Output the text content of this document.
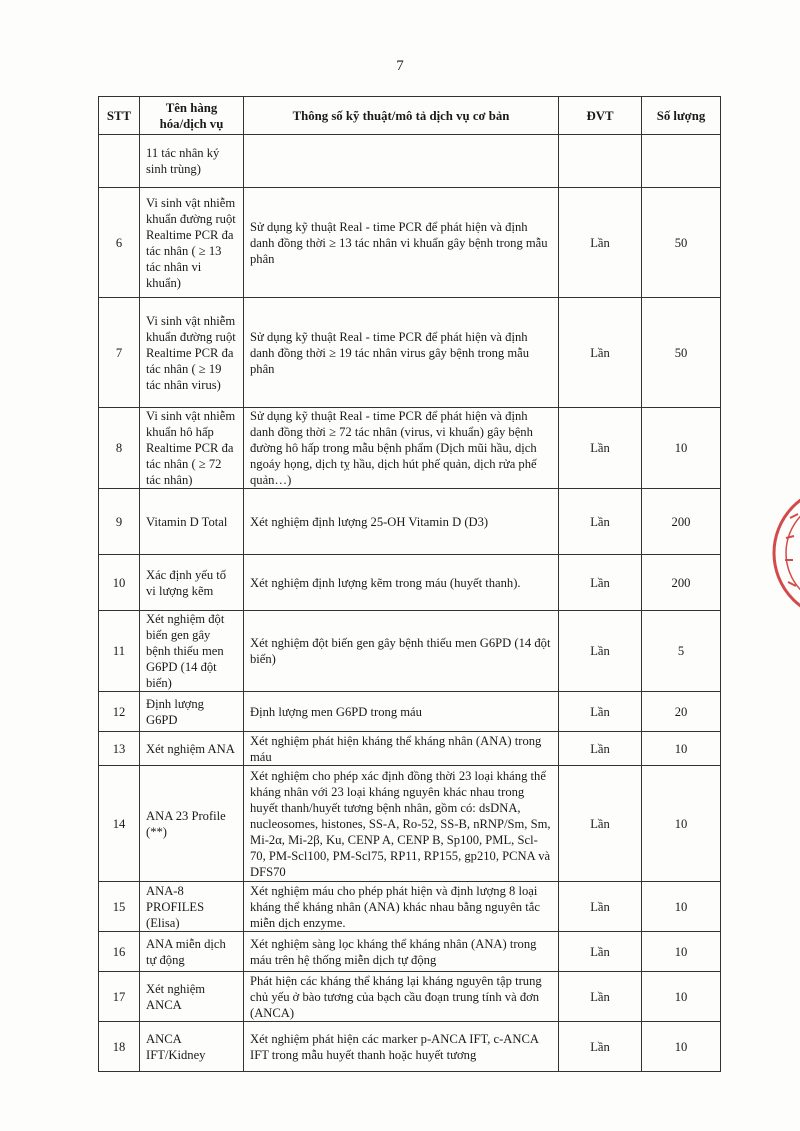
7
STT	Tên hàng hóa/dịch vụ	Thông số kỹ thuật/mô tả dịch vụ cơ bản	ĐVT	Số lượng
	11 tác nhân ký sinh trùng)			
6	Vi sinh vật nhiễm khuẩn đường ruột Realtime PCR đa tác nhân ( ≥ 13 tác nhân vi khuẩn)	Sử dụng kỹ thuật Real - time PCR để phát hiện và định danh đồng thời ≥ 13 tác nhân vi khuẩn gây bệnh trong mẫu phân	Lần	50
7	Vi sinh vật nhiễm khuẩn đường ruột Realtime PCR đa tác nhân ( ≥ 19 tác nhân virus)	Sử dụng kỹ thuật Real - time PCR để phát hiện và định danh đồng thời ≥ 19 tác nhân virus gây bệnh trong mẫu phân	Lần	50
8	Vi sinh vật nhiễm khuẩn hô hấp Realtime PCR đa tác nhân ( ≥ 72 tác nhân)	Sử dụng kỹ thuật Real - time PCR để phát hiện và định danh đồng thời ≥ 72 tác nhân (virus, vi khuẩn) gây bệnh đường hô hấp trong mẫu bệnh phẩm (Dịch mũi hầu, dịch ngoáy họng, dịch tỵ hầu, dịch hút phế quản, dịch rửa phế quản…)	Lần	10
9	Vitamin D Total	Xét nghiệm định lượng 25-OH Vitamin D (D3)	Lần	200
10	Xác định yếu tố vi lượng kẽm	Xét nghiệm định lượng kẽm trong máu (huyết thanh).	Lần	200
11	Xét nghiệm đột biến gen gây bệnh thiếu men G6PD (14 đột biến)	Xét nghiệm đột biến gen gây bệnh thiếu men G6PD (14 đột biến)	Lần	5
12	Định lượng G6PD	Định lượng men G6PD trong máu	Lần	20
13	Xét nghiệm ANA	Xét nghiệm phát hiện kháng thể kháng nhân (ANA) trong máu	Lần	10
14	ANA 23 Profile (**)	Xét nghiệm cho phép xác định đồng thời 23 loại kháng thể kháng nhân với 23 loại kháng nguyên khác nhau trong huyết thanh/huyết tương bệnh nhân, gồm có: dsDNA, nucleosomes, histones, SS-A, Ro-52, SS-B, nRNP/Sm, Sm, Mi-2α, Mi-2β, Ku, CENP A, CENP B, Sp100, PML, Scl-70, PM-Scl100, PM-Scl75, RP11, RP155, gp210, PCNA và DFS70	Lần	10
15	ANA-8 PROFILES (Elisa)	Xét nghiệm máu cho phép phát hiện và định lượng 8 loại kháng thể kháng nhân (ANA) khác nhau bằng nguyên tắc miễn dịch enzyme.	Lần	10
16	ANA miễn dịch tự động	Xét nghiệm sàng lọc kháng thể kháng nhân (ANA) trong máu trên hệ thống miễn dịch tự động	Lần	10
17	Xét nghiệm ANCA	Phát hiện các kháng thể kháng lại kháng nguyên tập trung chủ yếu ở bào tương của bạch cầu đoạn trung tính và đơn (ANCA)	Lần	10
18	ANCA IFT/Kidney	Xét nghiệm phát hiện các marker p-ANCA IFT, c-ANCA IFT trong mẫu huyết thanh hoặc huyết tương	Lần	10
